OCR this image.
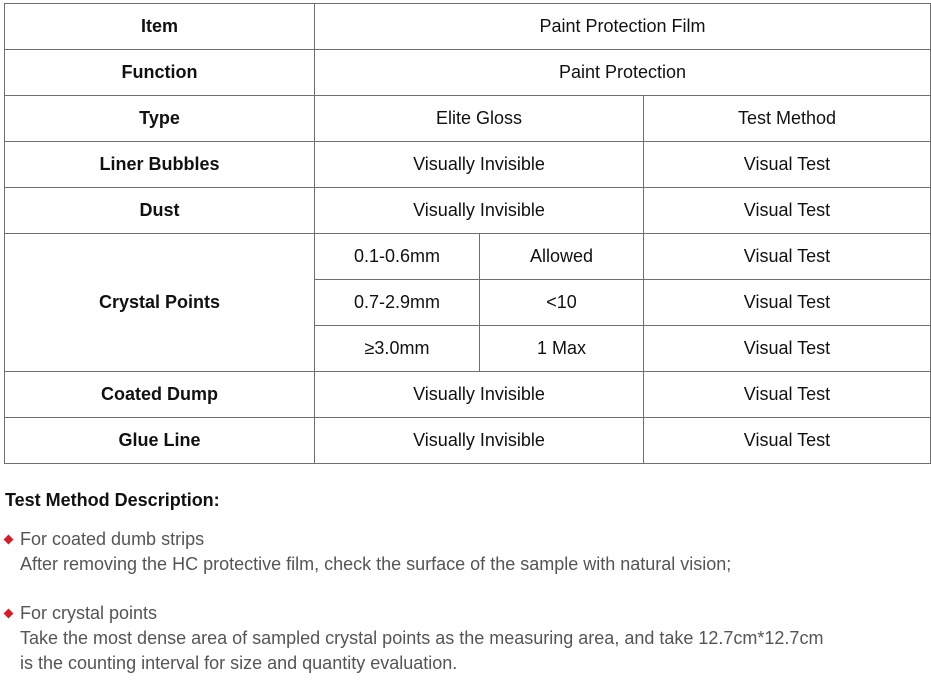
Item	Paint Protection Film		
Function	Paint Protection		
Type	Elite Gloss		Test Method
Liner Bubbles	Visually Invisible		Visual Test
Dust	Visually Invisible		Visual Test
Crystal Points	0.1-0.6mm	Allowed	Visual Test
	0.7-2.9mm	<10	Visual Test
	≥3.0mm	1 Max	Visual Test
Coated Dump	Visually Invisible		Visual Test
Glue Line	Visually Invisible		Visual Test
Test Method Description:
For coated dumb strips
After removing the HC protective film, check the surface of the sample with natural vision;
For crystal points
Take the most dense area of sampled crystal points as the measuring area, and take 12.7cm*12.7cm
is the counting interval for size and quantity evaluation.
